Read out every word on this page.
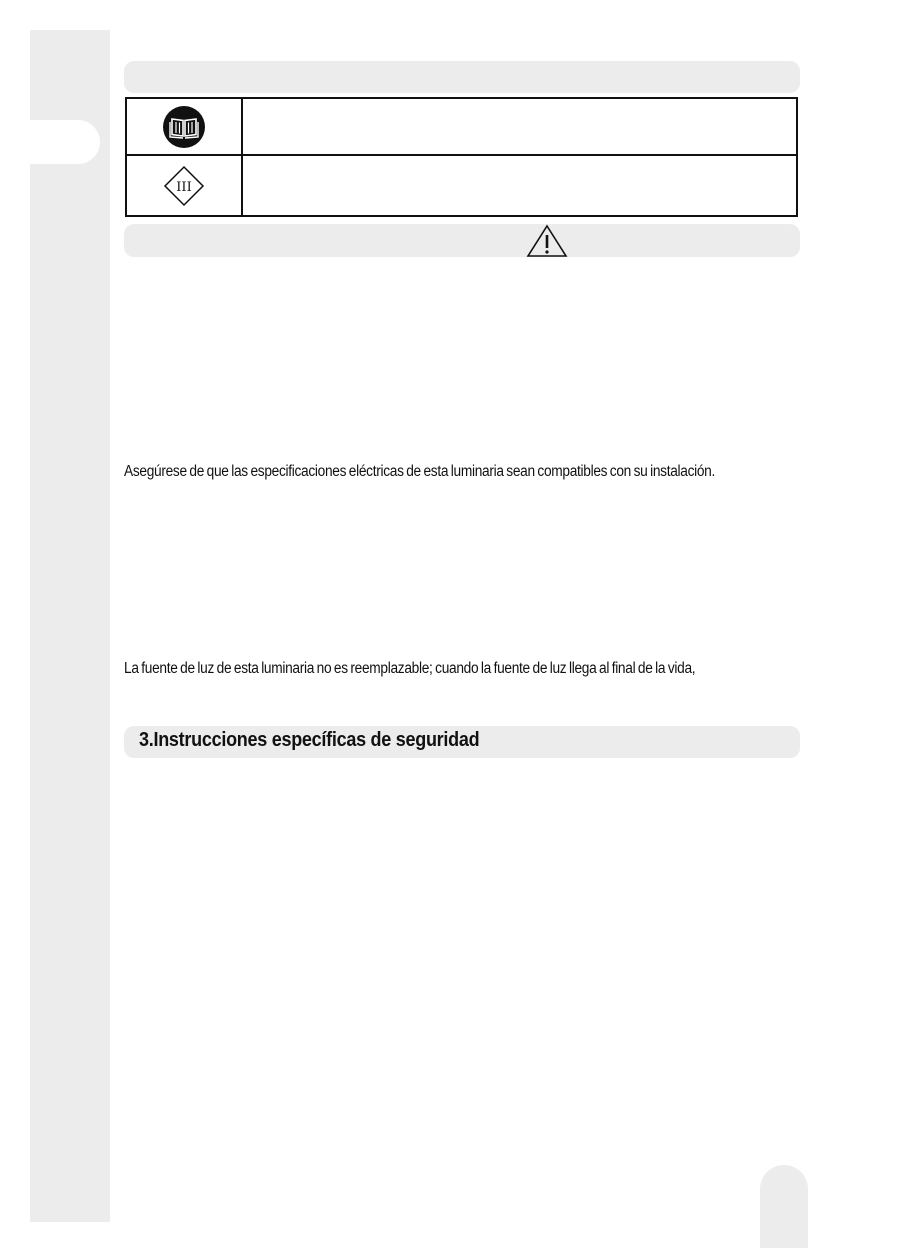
III

Asegúrese de que las especificaciones eléctricas de esta luminaria sean compatibles con su instalación.

La fuente de luz de esta luminaria no es reemplazable; cuando la fuente de luz llega al final de la vida,

3.Instrucciones específicas de seguridad
